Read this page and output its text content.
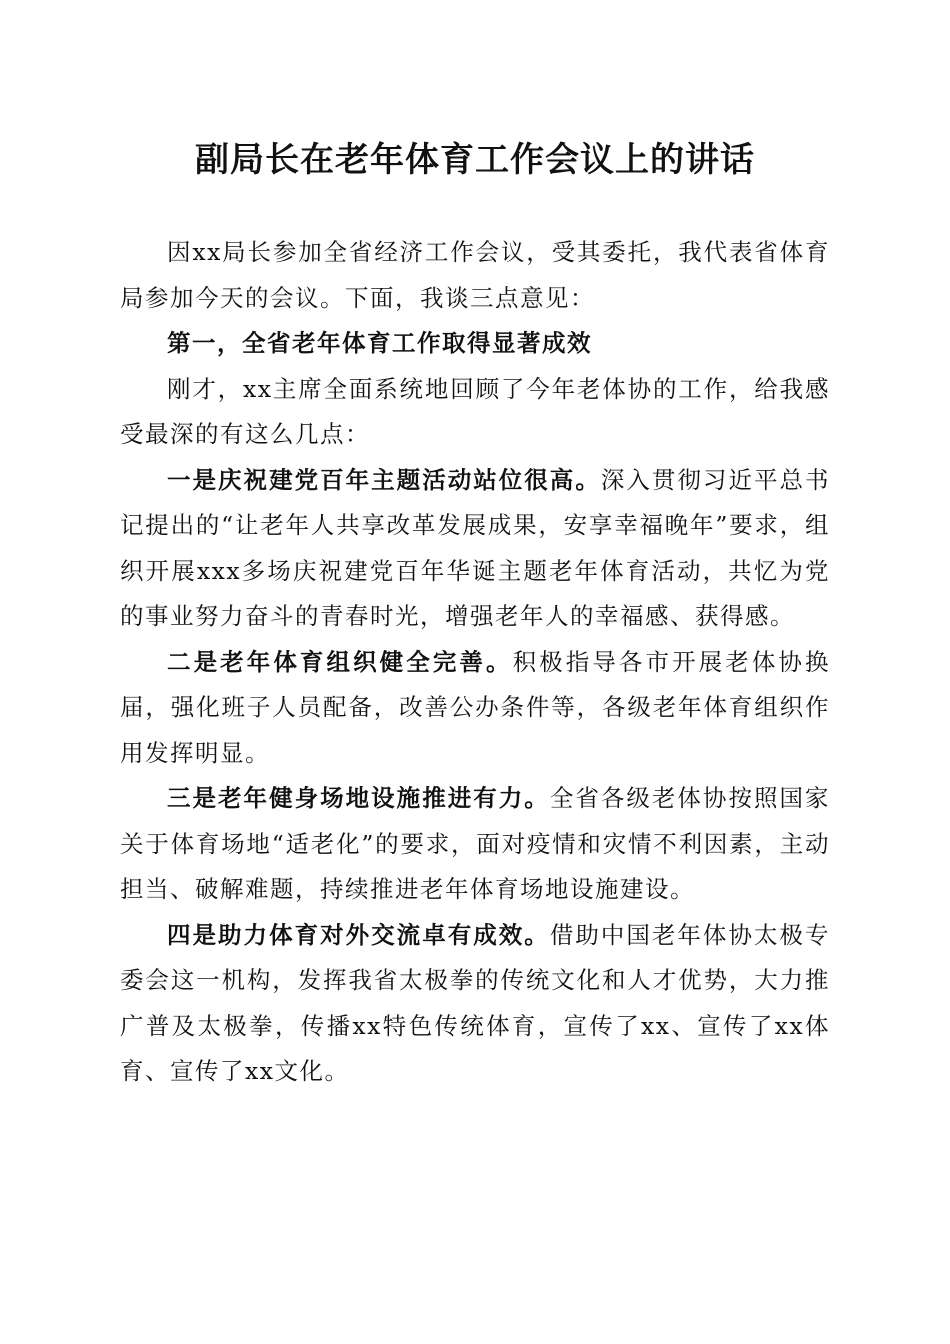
副局长在老年体育工作会议上的讲话

因xx局长参加全省经济工作会议，受其委托，我代表省体育局参加今天的会议。下面，我谈三点意见：

第一，全省老年体育工作取得显著成效

刚才，xx主席全面系统地回顾了今年老体协的工作，给我感受最深的有这么几点：

一是庆祝建党百年主题活动站位很高。深入贯彻习近平总书记提出的“让老年人共享改革发展成果，安享幸福晚年”要求，组织开展xxx多场庆祝建党百年华诞主题老年体育活动，共忆为党的事业努力奋斗的青春时光，增强老年人的幸福感、获得感。

二是老年体育组织健全完善。积极指导各市开展老体协换届，强化班子人员配备，改善公办条件等，各级老年体育组织作用发挥明显。

三是老年健身场地设施推进有力。全省各级老体协按照国家关于体育场地“适老化”的要求，面对疫情和灾情不利因素，主动担当、破解难题，持续推进老年体育场地设施建设。

四是助力体育对外交流卓有成效。借助中国老年体协太极专委会这一机构，发挥我省太极拳的传统文化和人才优势，大力推广普及太极拳，传播xx特色传统体育，宣传了xx、宣传了xx体育、宣传了xx文化。
